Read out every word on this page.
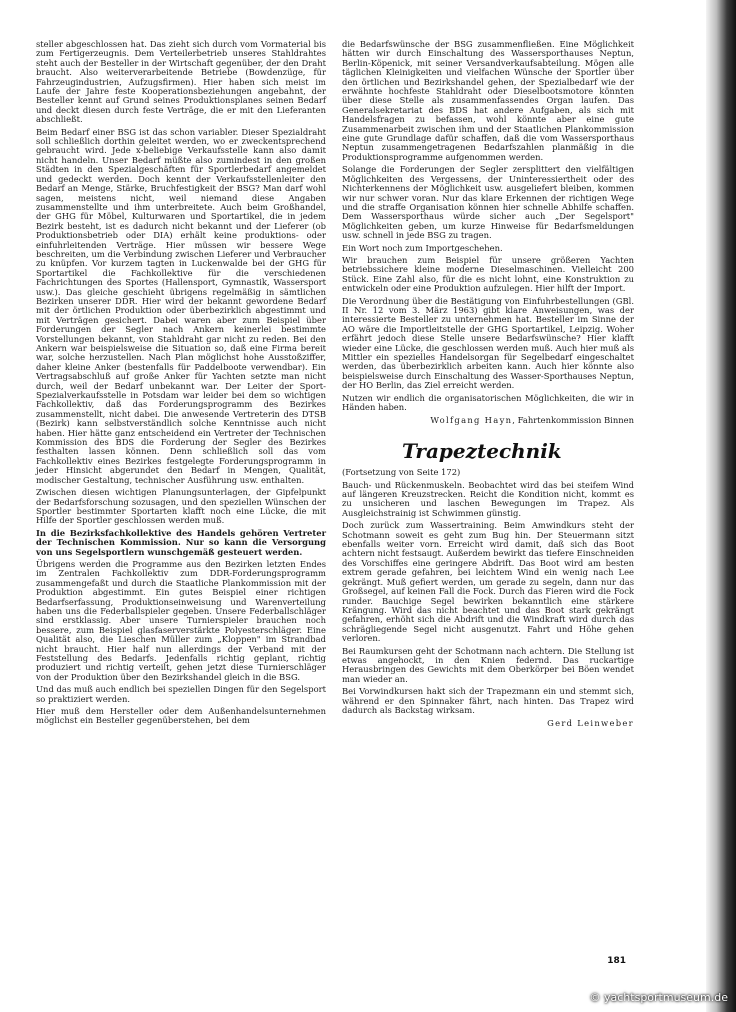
steller abgeschlossen hat. Das zieht sich durch vom Vormaterial bis zum Fertigerzeugnis. Dem Verteilerbetrieb unseres Stahldrahtes steht auch der Besteller in der Wirtschaft gegenüber, der den Draht braucht. Also weiterverarbeitende Betriebe (Bowdenzüge, für Fahrzeugindustrien, Aufzugsfirmen). Hier haben sich meist im Laufe der Jahre feste Kooperationsbeziehungen angebahnt, der Besteller kennt auf Grund seines Produktionsplanes seinen Bedarf und deckt diesen durch feste Verträge, die er mit den Lieferanten abschließt.

Beim Bedarf einer BSG ist das schon variabler. Dieser Spezialdraht soll schließlich dorthin geleitet werden, wo er zweckentsprechend gebraucht wird. Jede x-beliebige Verkaufsstelle kann also damit nicht handeln. Unser Bedarf müßte also zumindest in den großen Städten in den Spezialgeschäften für Sportlerbedarf angemeldet und gedeckt werden. Doch kennt der Verkaufsstellenleiter den Bedarf an Menge, Stärke, Bruchfestigkeit der BSG? Man darf wohl sagen, meistens nicht, weil niemand diese Angaben zusammenstellte und ihm unterbreitete. Auch beim Großhandel, der GHG für Möbel, Kulturwaren und Sportartikel, die in jedem Bezirk besteht, ist es dadurch nicht bekannt und der Lieferer (ob Produktionsbetrieb oder DIA) erhält keine produktions- oder einfuhrleitenden Verträge. Hier müssen wir bessere Wege beschreiten, um die Verbindung zwischen Lieferer und Verbraucher zu knüpfen. Vor kurzem tagten in Luckenwalde bei der GHG für Sportartikel die Fachkollektive für die verschiedenen Fachrichtungen des Sportes (Hallensport, Gymnastik, Wassersport usw.). Das gleiche geschieht übrigens regelmäßig in sämtlichen Bezirken unserer DDR. Hier wird der bekannt gewordene Bedarf mit der örtlichen Produktion oder überbezirklich abgestimmt und mit Verträgen gesichert. Dabei waren aber zum Beispiel über Forderungen der Segler nach Ankern keinerlei bestimmte Vorstellungen bekannt, von Stahldraht gar nicht zu reden. Bei den Ankern war beispielsweise die Situation so, daß eine Firma bereit war, solche herzustellen. Nach Plan möglichst hohe Ausstoßziffer, daher kleine Anker (bestenfalls für Paddelboote verwendbar). Ein Vertragsabschluß auf große Anker für Yachten setzte man nicht durch, weil der Bedarf unbekannt war. Der Leiter der Sport-Spezialverkaufsstelle in Potsdam war leider bei dem so wichtigen Fachkollektiv, daß das Forderungsprogramm des Bezirkes zusammenstellt, nicht dabei. Die anwesende Vertreterin des DTSB (Bezirk) kann selbstverständlich solche Kenntnisse auch nicht haben. Hier hätte ganz entscheidend ein Vertreter der Technischen Kommission des BDS die Forderung der Segler des Bezirkes festhalten lassen können. Denn schließlich soll das vom Fachkollektiv eines Bezirkes festgelegte Forderungsprogramm in jeder Hinsicht abgerundet den Bedarf in Mengen, Qualität, modischer Gestaltung, technischer Ausführung usw. enthalten.

Zwischen diesen wichtigen Planungsunterlagen, der Gipfelpunkt der Bedarfsforschung sozusagen, und den speziellen Wünschen der Sportler bestimmter Sportarten klafft noch eine Lücke, die mit Hilfe der Sportler geschlossen werden muß.

In die Bezirksfachkollektive des Handels gehören Vertreter der Technischen Kommission. Nur so kann die Versorgung von uns Segelsportlern wunschgemäß gesteuert werden.

Übrigens werden die Programme aus den Bezirken letzten Endes im Zentralen Fachkollektiv zum DDR-Forderungsprogramm zusammengefaßt und durch die Staatliche Plankommission mit der Produktion abgestimmt. Ein gutes Beispiel einer richtigen Bedarfserfassung, Produktionseinweisung und Warenverteilung haben uns die Federballspieler gegeben. Unsere Federballschläger sind erstklassig. Aber unsere Turnierspieler brauchen noch bessere, zum Beispiel glasfaserverstärkte Polyesterschläger. Eine Qualität also, die Lieschen Müller zum „Kloppen" im Strandbad nicht braucht. Hier half nun allerdings der Verband mit der Feststellung des Bedarfs. Jedenfalls richtig geplant, richtig produziert und richtig verteilt, gehen jetzt diese Turnierschläger von der Produktion über den Bezirkshandel gleich in die BSG.

Und das muß auch endlich bei speziellen Dingen für den Segelsport so praktiziert werden.

Hier muß dem Hersteller oder dem Außenhandelsunternehmen möglichst ein Besteller gegenüberstehen, bei dem

die Bedarfswünsche der BSG zusammenfließen. Eine Möglichkeit hätten wir durch Einschaltung des Wassersporthauses Neptun, Berlin-Köpenick, mit seiner Versandverkaufsabteilung. Mögen alle täglichen Kleinigkeiten und vielfachen Wünsche der Sportler über den örtlichen und Bezirkshandel gehen, der Spezialbedarf wie der erwähnte hochfeste Stahldraht oder Dieselbootsmotore könnten über diese Stelle als zusammenfassendes Organ laufen. Das Generalsekretariat des BDS hat andere Aufgaben, als sich mit Handelsfragen zu befassen, wohl könnte aber eine gute Zusammenarbeit zwischen ihm und der Staatlichen Plankommission eine gute Grundlage dafür schaffen, daß die vom Wassersporthaus Neptun zusammengetragenen Bedarfszahlen planmäßig in die Produktionsprogramme aufgenommen werden.

Solange die Forderungen der Segler zersplittert den vielfältigen Möglichkeiten des Vergessens, der Uninteressiertheit oder des Nichterkennens der Möglichkeit usw. ausgeliefert bleiben, kommen wir nur schwer voran. Nur das klare Erkennen der richtigen Wege und die straffe Organisation können hier schnelle Abhilfe schaffen. Dem Wassersporthaus würde sicher auch „Der Segelsport" Möglichkeiten geben, um kurze Hinweise für Bedarfsmeldungen usw. schnell in jede BSG zu tragen.

Ein Wort noch zum Importgeschehen.

Wir brauchen zum Beispiel für unsere größeren Yachten betriebssichere kleine moderne Dieselmaschinen. Vielleicht 200 Stück. Eine Zahl also, für die es nicht lohnt, eine Konstruktion zu entwickeln oder eine Produktion aufzulegen. Hier hilft der Import.

Die Verordnung über die Bestätigung von Einfuhrbestellungen (GBl. II Nr. 12 vom 3. März 1963) gibt klare Anweisungen, was der interessierte Besteller zu unternehmen hat. Besteller im Sinne der AO wäre die Importleitstelle der GHG Sportartikel, Leipzig. Woher erfährt jedoch diese Stelle unsere Bedarfswünsche? Hier klafft wieder eine Lücke, die geschlossen werden muß. Auch hier muß als Mittler ein spezielles Handelsorgan für Segelbedarf eingeschaltet werden, das überbezirklich arbeiten kann. Auch hier könnte also beispielsweise durch Einschaltung des Wasser-Sporthauses Neptun, der HO Berlin, das Ziel erreicht werden.

Nutzen wir endlich die organisatorischen Möglichkeiten, die wir in Händen haben.

Wolfgang Hayn, Fahrtenkommission Binnen
Trapeztechnik

(Fortsetzung von Seite 172)

Bauch- und Rückenmuskeln. Beobachtet wird das bei steifem Wind auf längeren Kreuzstrecken. Reicht die Kondition nicht, kommt es zu unsicheren und laschen Bewegungen im Trapez. Als Ausgleichstrainig ist Schwimmen günstig.

Doch zurück zum Wassertraining. Beim Amwindkurs steht der Schotmann soweit es geht zum Bug hin. Der Steuermann sitzt ebenfalls weiter vorn. Erreicht wird damit, daß sich das Boot achtern nicht festsaugt. Außerdem bewirkt das tiefere Einschneiden des Vorschiffes eine geringere Abdrift. Das Boot wird am besten extrem gerade gefahren, bei leichtem Wind ein wenig nach Lee gekrängt. Muß gefiert werden, um gerade zu segeln, dann nur das Großsegel, auf keinen Fall die Fock. Durch das Fieren wird die Fock runder. Bauchige Segel bewirken bekanntlich eine stärkere Krängung. Wird das nicht beachtet und das Boot stark gekrängt gefahren, erhöht sich die Abdrift und die Windkraft wird durch das schrägliegende Segel nicht ausgenutzt. Fahrt und Höhe gehen verloren.

Bei Raumkursen geht der Schotmann nach achtern. Die Stellung ist etwas angehockt, in den Knien federnd. Das ruckartige Herausbringen des Gewichts mit dem Oberkörper bei Böen wendet man wieder an.

Bei Vorwindkursen hakt sich der Trapezmann ein und stemmt sich, während er den Spinnaker fährt, nach hinten. Das Trapez wird dadurch als Backstag wirksam.

Gerd Leinweber
181
© yachtsportmuseum.de
